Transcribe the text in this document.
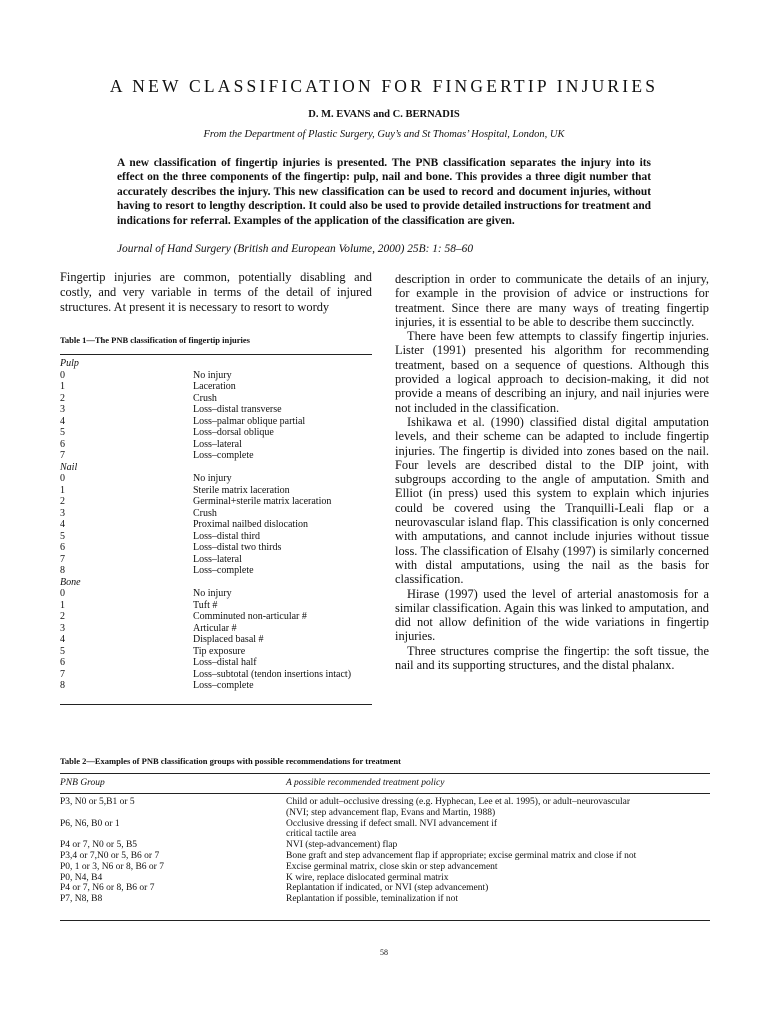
A NEW CLASSIFICATION FOR FINGERTIP INJURIES
D. M. EVANS and C. BERNADIS
From the Department of Plastic Surgery, Guy’s and St Thomas’ Hospital, London, UK
A new classification of fingertip injuries is presented. The PNB classification separates the injury into its effect on the three components of the fingertip: pulp, nail and bone. This provides a three digit number that accurately describes the injury. This new classification can be used to record and document injuries, without having to resort to lengthy description. It could also be used to provide detailed instructions for treatment and indications for referral. Examples of the application of the classification are given.
Journal of Hand Surgery (British and European Volume, 2000) 25B: 1: 58–60
Fingertip injuries are common, potentially disabling and costly, and very variable in terms of the detail of injured structures. At present it is necessary to resort to wordy
Table 1—The PNB classification of fingertip injuries
Pulp
0	No injury
1	Laceration
2	Crush
3	Loss–distal transverse
4	Loss–palmar oblique partial
5	Loss–dorsal oblique
6	Loss–lateral
7	Loss–complete
Nail
0	No injury
1	Sterile matrix laceration
2	Germinal+sterile matrix laceration
3	Crush
4	Proximal nailbed dislocation
5	Loss–distal third
6	Loss–distal two thirds
7	Loss–lateral
8	Loss–complete
Bone
0	No injury
1	Tuft #
2	Comminuted non-articular #
3	Articular #
4	Displaced basal #
5	Tip exposure
6	Loss–distal half
7	Loss–subtotal (tendon insertions intact)
8	Loss–complete

description in order to communicate the details of an injury, for example in the provision of advice or instructions for treatment. Since there are many ways of treating fingertip injuries, it is essential to be able to describe them succinctly.

There have been few attempts to classify fingertip injuries. Lister (1991) presented his algorithm for recommending treatment, based on a sequence of questions. Although this provided a logical approach to decision-making, it did not provide a means of describing an injury, and nail injuries were not included in the classification.

Ishikawa et al. (1990) classified distal digital amputation levels, and their scheme can be adapted to include fingertip injuries. The fingertip is divided into zones based on the nail. Four levels are described distal to the DIP joint, with subgroups according to the angle of amputation. Smith and Elliot (in press) used this system to explain which injuries could be covered using the Tranquilli-Leali flap or a neurovascular island flap. This classification is only concerned with amputations, and cannot include injuries without tissue loss. The classification of Elsahy (1997) is similarly concerned with distal amputations, using the nail as the basis for classification.

Hirase (1997) used the level of arterial anastomosis for a similar classification. Again this was linked to amputation, and did not allow definition of the wide variations in fingertip injuries.

Three structures comprise the fingertip: the soft tissue, the nail and its supporting structures, and the distal phalanx.

Table 2—Examples of PNB classification groups with possible recommendations for treatment
PNB Group	A possible recommended treatment policy
P3, N0 or 5,B1 or 5	Child or adult–occlusive dressing (e.g. Hyphecan, Lee et al. 1995), or adult–neurovascular
(NVI; step advancement flap, Evans and Martin, 1988)
P6, N6, B0 or 1	Occlusive dressing if defect small. NVI advancement if
critical tactile area
P4 or 7, N0 or 5, B5	NVI (step-advancement) flap
P3,4 or 7,N0 or 5, B6 or 7	Bone graft and step advancement flap if appropriate; excise germinal matrix and close if not
P0, 1 or 3, N6 or 8, B6 or 7	Excise germinal matrix, close skin or step advancement
P0, N4, B4	K wire, replace dislocated germinal matrix
P4 or 7, N6 or 8, B6 or 7	Replantation if indicated, or NVI (step advancement)
P7, N8, B8	Replantation if possible, teminalization if not
58
